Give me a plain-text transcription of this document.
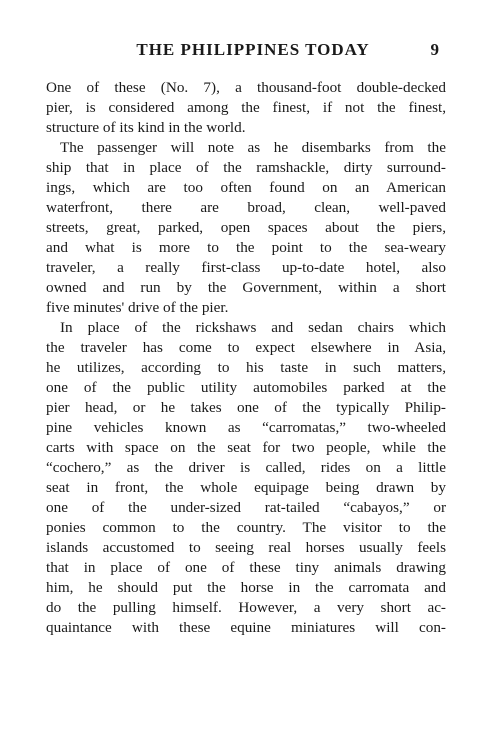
THE PHILIPPINES TODAY	9
One of these (No. 7), a thousand-foot double-decked
pier, is considered among the finest, if not the finest,
structure of its kind in the world.
The passenger will note as he disembarks from the
ship that in place of the ramshackle, dirty surround-
ings, which are too often found on an American
waterfront, there are broad, clean, well-paved
streets, great, parked, open spaces about the piers,
and what is more to the point to the sea-weary
traveler, a really first-class up-to-date hotel, also
owned and run by the Government, within a short
five minutes' drive of the pier.
In place of the rickshaws and sedan chairs which
the traveler has come to expect elsewhere in Asia,
he utilizes, according to his taste in such matters,
one of the public utility automobiles parked at the
pier head, or he takes one of the typically Philip-
pine vehicles known as “carromatas,” two-wheeled
carts with space on the seat for two people, while the
“cochero,” as the driver is called, rides on a little
seat in front, the whole equipage being drawn by
one of the under-sized rat-tailed “cabayos,” or
ponies common to the country. The visitor to the
islands accustomed to seeing real horses usually feels
that in place of one of these tiny animals drawing
him, he should put the horse in the carromata and
do the pulling himself. However, a very short ac-
quaintance with these equine miniatures will con-
